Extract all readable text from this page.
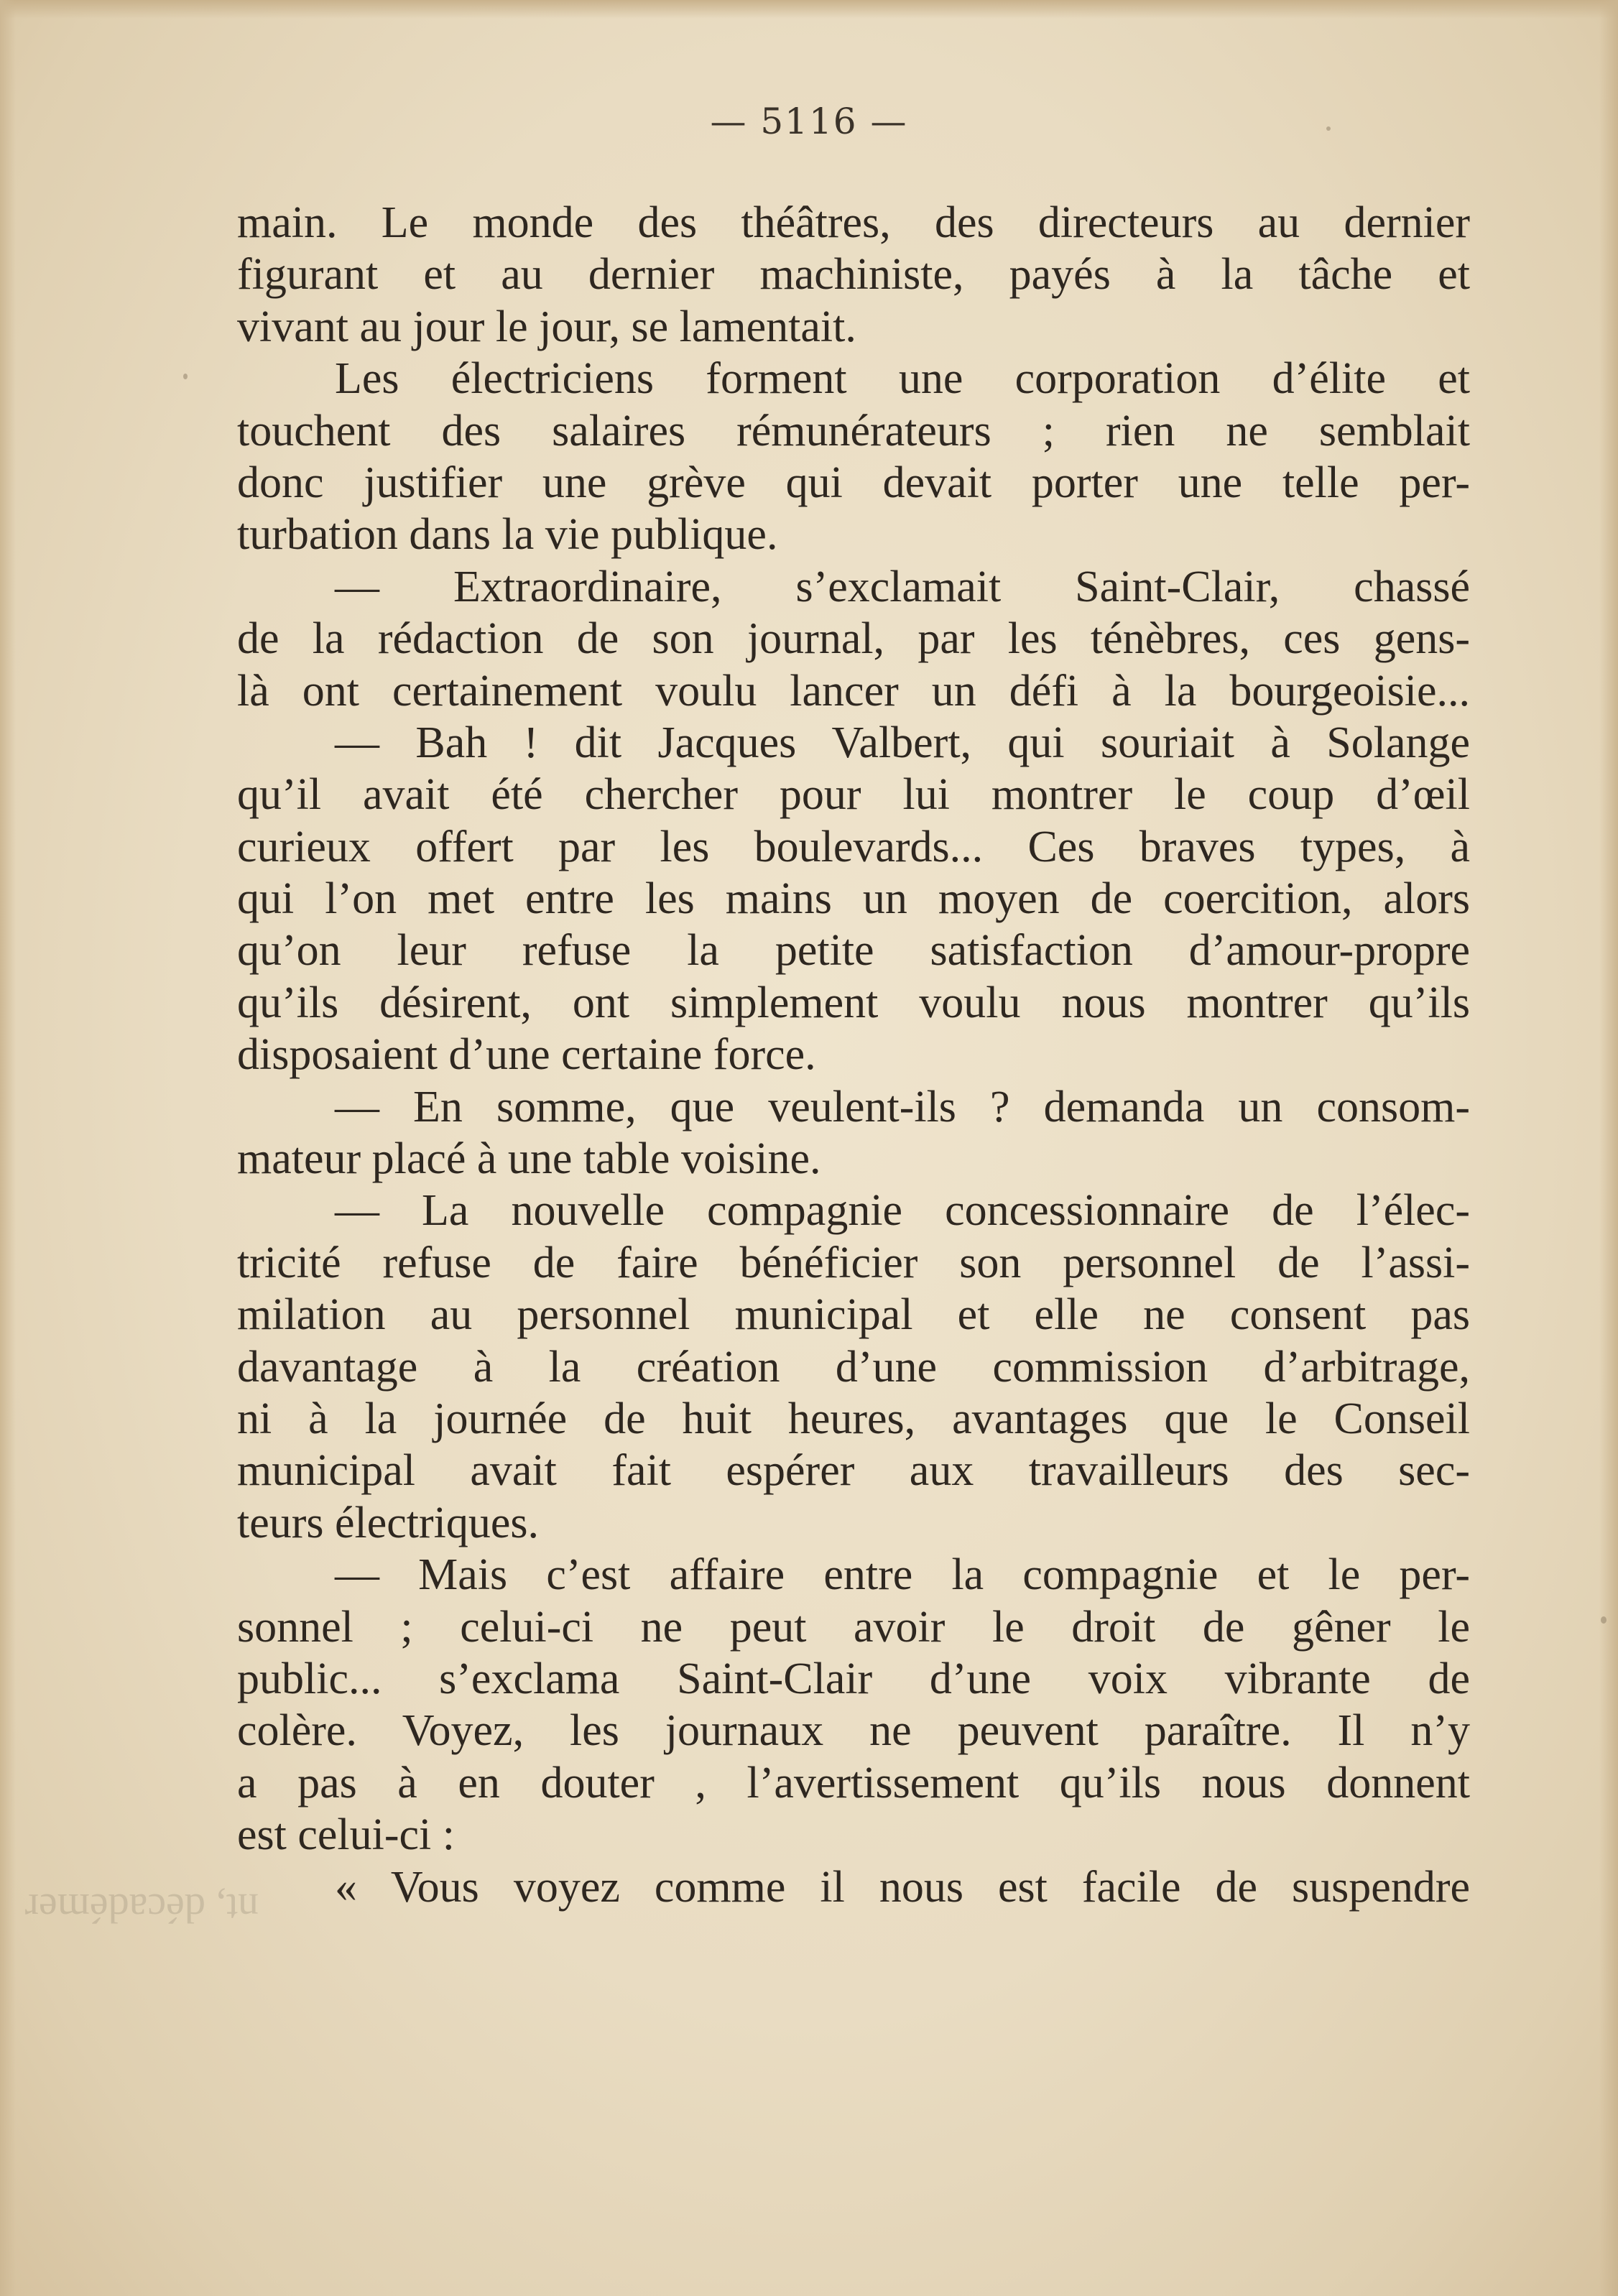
— 5116 —
main. Le monde des théâtres, des directeurs au dernier
figurant et au dernier machiniste, payés à la tâche et
vivant au jour le jour, se lamentait.
Les électriciens forment une corporation d’élite et
touchent des salaires rémunérateurs ; rien ne semblait
donc justifier une grève qui devait porter une telle per-
turbation dans la vie publique.
— Extraordinaire, s’exclamait Saint-Clair, chassé
de la rédaction de son journal, par les ténèbres, ces gens-
là ont certainement voulu lancer un défi à la bourgeoisie...
— Bah ! dit Jacques Valbert, qui souriait à Solange
qu’il avait été chercher pour lui montrer le coup d’œil
curieux offert par les boulevards... Ces braves types, à
qui l’on met entre les mains un moyen de coercition, alors
qu’on leur refuse la petite satisfaction d’amour-propre
qu’ils désirent, ont simplement voulu nous montrer qu’ils
disposaient d’une certaine force.
— En somme, que veulent-ils ? demanda un consom-
mateur placé à une table voisine.
— La nouvelle compagnie concessionnaire de l’élec-
tricité refuse de faire bénéficier son personnel de l’assi-
milation au personnel municipal et elle ne consent pas
davantage à la création d’une commission d’arbitrage,
ni à la journée de huit heures, avantages que le Conseil
municipal avait fait espérer aux travailleurs des sec-
teurs électriques.
— Mais c’est affaire entre la compagnie et le per-
sonnel ; celui-ci ne peut avoir le droit de gêner le
public... s’exclama Saint-Clair d’une voix vibrante de
colère. Voyez, les journaux ne peuvent paraître. Il n’y
a pas à en douter , l’avertissement qu’ils nous donnent
est celui-ci :
« Vous voyez comme il nous est facile de suspendre
nt, décadémer
